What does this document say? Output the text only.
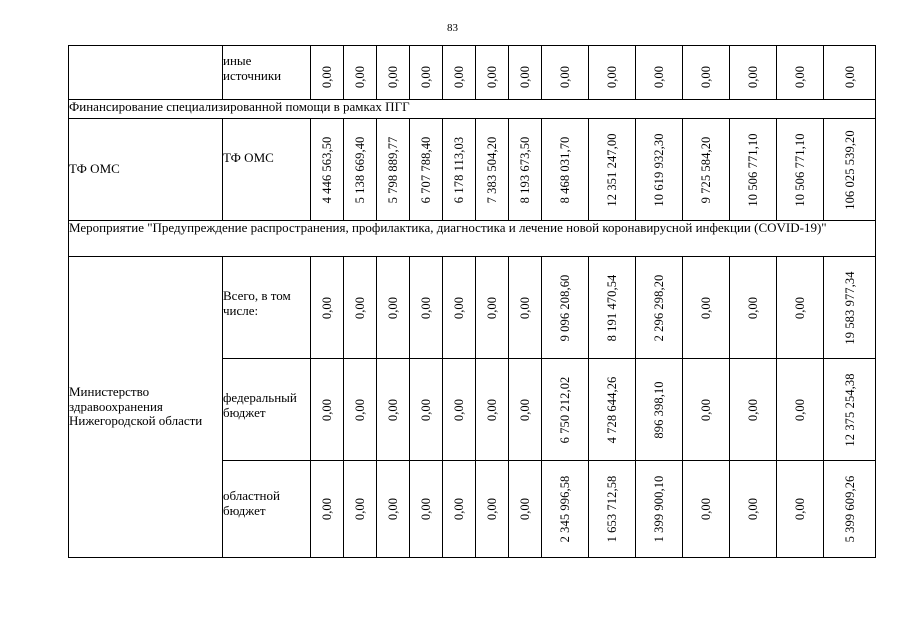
83
	иные источники	0,00	0,00	0,00	0,00	0,00	0,00	0,00	0,00	0,00	0,00	0,00	0,00	0,00	0,00

Финансирование специализированной помощи в рамках ПГГ															
ТФ ОМС	ТФ ОМС	4 446 563,50	5 138 669,40	5 798 889,77	6 707 788,40	6 178 113,03	7 383 504,20	8 193 673,50	8 468 031,70	12 351 247,00	10 619 932,30	9 725 584,20	10 506 771,10	10 506 771,10	106 025 539,20

Мероприятие "Предупреждение распространения, профилактика, диагностика и лечение новой коронавирусной инфекции (COVID-19)"															
Министерство здравоохранения Нижегородской области	Всего, в том числе:	0,00	0,00	0,00	0,00	0,00	0,00	0,00	9 096 208,60	8 191 470,54	2 296 298,20	0,00	0,00	0,00	19 583 977,34

	федеральный бюджет	0,00	0,00	0,00	0,00	0,00	0,00	0,00	6 750 212,02	4 728 644,26	896 398,10	0,00	0,00	0,00	12 375 254,38

	областной бюджет	0,00	0,00	0,00	0,00	0,00	0,00	0,00	2 345 996,58	1 653 712,58	1 399 900,10	0,00	0,00	0,00	5 399 609,26
